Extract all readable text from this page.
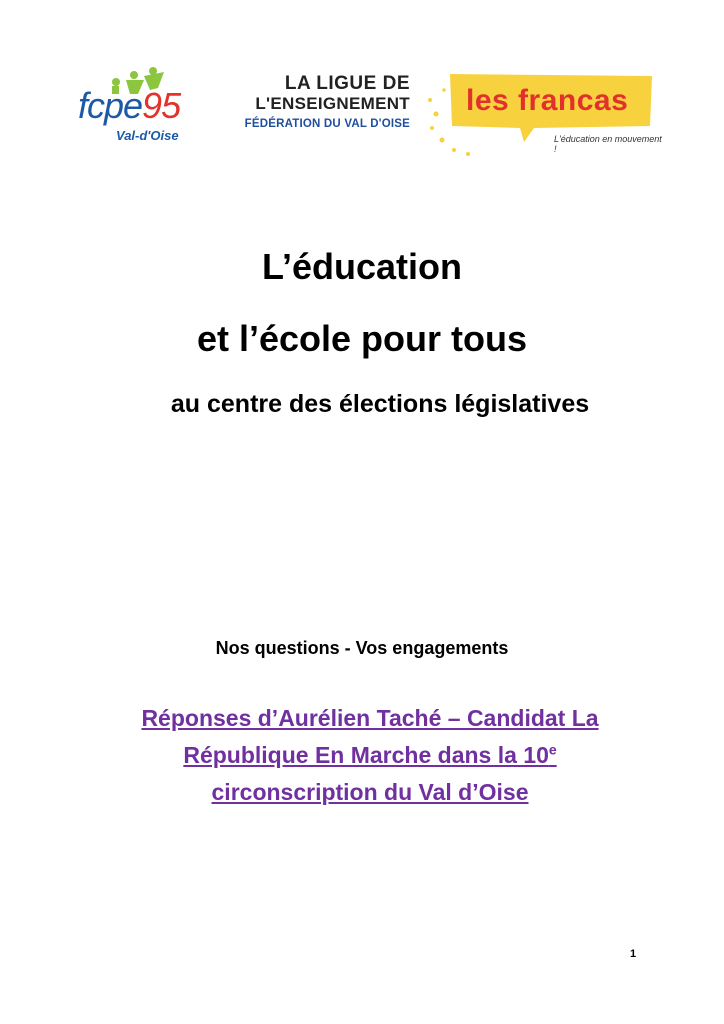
fcpe95
Val-d'Oise
LA LIGUE DE
L'ENSEIGNEMENT
FÉDÉRATION DU VAL D'OISE
les francas
L'éducation en mouvement !
L’éducation
et l’école pour tous
au centre des élections législatives
Nos questions - Vos engagements
Réponses d’Aurélien Taché – Candidat La
République En Marche dans la 10e
circonscription du Val d’Oise
1
